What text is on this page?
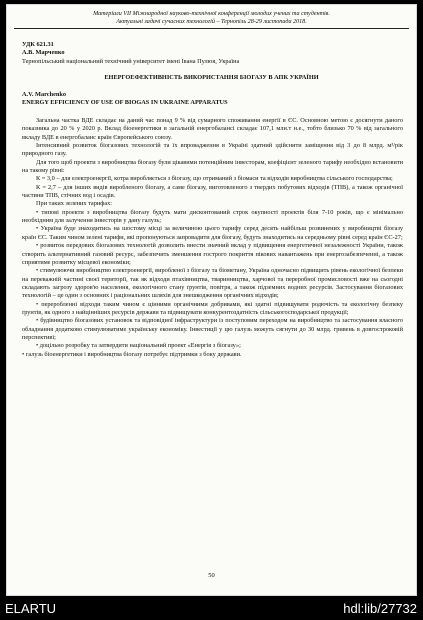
Матеріали VII Міжнародної науково-технічної конференції молодих учених та студентів.
Актуальні задачі сучасних технологій – Тернопіль 28-29 листопада 2018.
УДК 621.31
А.В. Марченко
Тернопільський національний технічний університет імені Івана Пулюя, Україна
ЕНЕРГОЕФЕКТИВНІСТЬ ВИКОРИСТАННЯ БІОГАЗУ В АПК УКРАЇНИ
A.V. Marchenko
ENERGY EFFICIENCY OF USE OF BIOGAS IN UKRAINE APPARATUS

Загальна частка ВДЕ складає на даний час понад 9 % від сумарного споживання енергії в ЄС. Основною метою є досягнути даного показника до 20 % у 2020 р. Вклад біоенергетики в загальній енергобалансі складає 107,1 млн.т н.е., тобто близько 70 % від загального вкладу ВДЕ в енергобаланс країн Європейського союзу.

Інтенсивний розвиток біогазових технологій та їх впровадження в Україні здатний здійснити заміщення від 3 до 8 млрд. м³/рік природного газу.

Для того щоб проекти з виробництва біогазу були цікавими потенційним інвесторам, коефіцієнт зеленого тарифу необхідно встановити на такому рівні:

К = 3,0 – для електроенергії, котра виробляється з біогазу, що отриманий з біомаси та відходів виробництва сільського господарства;

К = 2,7 – для інших видів виробленого біогазу, а саме біогазу, виготовленого з твердих побутових відходів (ТПВ), а також органічної частини ТПВ, стічних вод і осадів.

При таких зелених тарифах:

• типові проекти з виробництва біогазу будуть мати дисконтований строк окупності проектів біля 7-10 років, що є мінімально необхідним для залучення інвесторів у дану галузь;

• Україна буде знаходитись на шостому місці за величиною цього тарифу серед десять найбільш розвинених у виробництві біогазу країн ЄС. Таким чином зелені тарифи, які пропонуються запровадити для біогазу, будуть знаходитись на середньому рівні серед країн ЄС-27;

• розвиток передових біогазових технологій дозволить внести значний вклад у підвищення енергетичної незалежності України, також створить альтернативний газовий ресурс, забезпечить зменшення гострого покриття пікових навантажень при енергозабезпеченні, а також сприятиме розвитку місцевої економіки;

• стимулюючи виробництво електроенергії, виробленої з біогазу та біометану, Україна одночасно підвищить рівень екологічної безпеки на переважній частині своєї території, так як відходи птахівництва, тваринництва, харчової та переробної промисловості вже на сьогодні складають загрозу здоров'ю населення, екологічного стану ґрунтів, повітря, а також підземних водних ресурсів. Застосування біогазових технологій – це один з основних і раціональних шляхів для знешкодження органічних відходів;

• переробленні відходи таким чином є цінними органічними добривами, які здатні підвищувати родючість та екологічну безпеку ґрунтів, як одного з найцінніших ресурсів держави та підвищувати конкурентоздатність сільськогосподарської продукції;

• будівництво біогазових установок та відповідної інфраструктури із поступовим переходом на виробництво та застосування власного обладнання додатково стимулюватиме українську економіку. Інвестиції у цю галузь можуть сягнути до 30 млрд. гривень в довгостроковій перспективі;

• доцільно розробку та затвердити національний проект «Енергія з біогазу»;

• галузь біоенергетики і виробництва біогазу потребує підтримки з боку держави.

50
ELARTU	hdl:lib/27732
